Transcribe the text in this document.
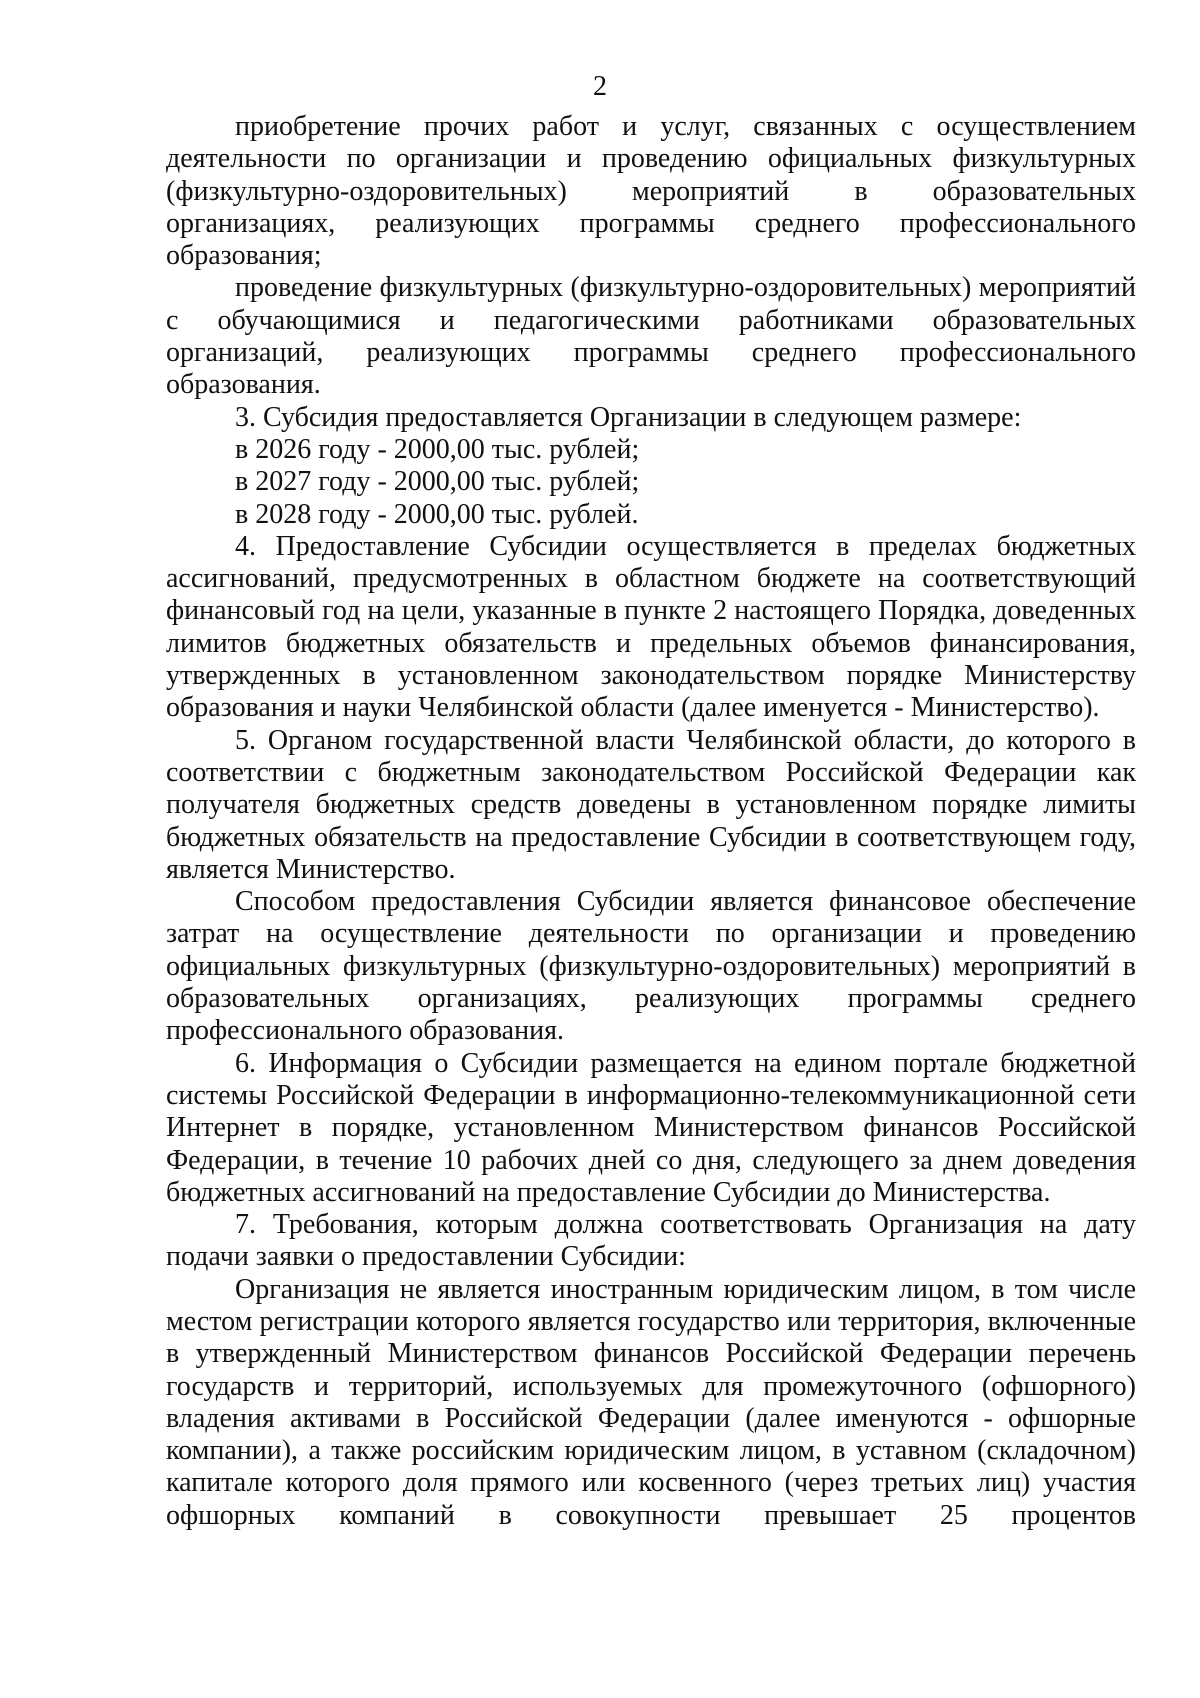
2

приобретение прочих работ и услуг, связанных с осуществлением деятельности по организации и проведению официальных физкультурных (физкультурно-оздоровительных) мероприятий в образовательных организациях, реализующих программы среднего профессионального образования;

проведение физкультурных (физкультурно-оздоровительных) мероприятий с обучающимися и педагогическими работниками образовательных организаций, реализующих программы среднего профессионального образования.

3. Субсидия предоставляется Организации в следующем размере:

в 2026 году - 2000,00 тыс. рублей;

в 2027 году - 2000,00 тыс. рублей;

в 2028 году - 2000,00 тыс. рублей.

4. Предоставление Субсидии осуществляется в пределах бюджетных ассигнований, предусмотренных в областном бюджете на соответствующий финансовый год на цели, указанные в пункте 2 настоящего Порядка, доведенных лимитов бюджетных обязательств и предельных объемов финансирования, утвержденных в установленном законодательством порядке Министерству образования и науки Челябинской области (далее именуется - Министерство).

5. Органом государственной власти Челябинской области, до которого в соответствии с бюджетным законодательством Российской Федерации как получателя бюджетных средств доведены в установленном порядке лимиты бюджетных обязательств на предоставление Субсидии в соответствующем году, является Министерство.

Способом предоставления Субсидии является финансовое обеспечение затрат на осуществление деятельности по организации и проведению официальных физкультурных (физкультурно-оздоровительных) мероприятий в образовательных организациях, реализующих программы среднего профессионального образования.

6. Информация о Субсидии размещается на едином портале бюджетной системы Российской Федерации в информационно-телекоммуникационной сети Интернет в порядке, установленном Министерством финансов Российской Федерации, в течение 10 рабочих дней со дня, следующего за днем доведения бюджетных ассигнований на предоставление Субсидии до Министерства.

7. Требования, которым должна соответствовать Организация на дату подачи заявки о предоставлении Субсидии:

Организация не является иностранным юридическим лицом, в том числе местом регистрации которого является государство или территория, включенные в утвержденный Министерством финансов Российской Федерации перечень государств и территорий, используемых для промежуточного (офшорного) владения активами в Российской Федерации (далее именуются - офшорные компании), а также российским юридическим лицом, в уставном (складочном) капитале которого доля прямого или косвенного (через третьих лиц) участия офшорных компаний в совокупности превышает 25 процентов
